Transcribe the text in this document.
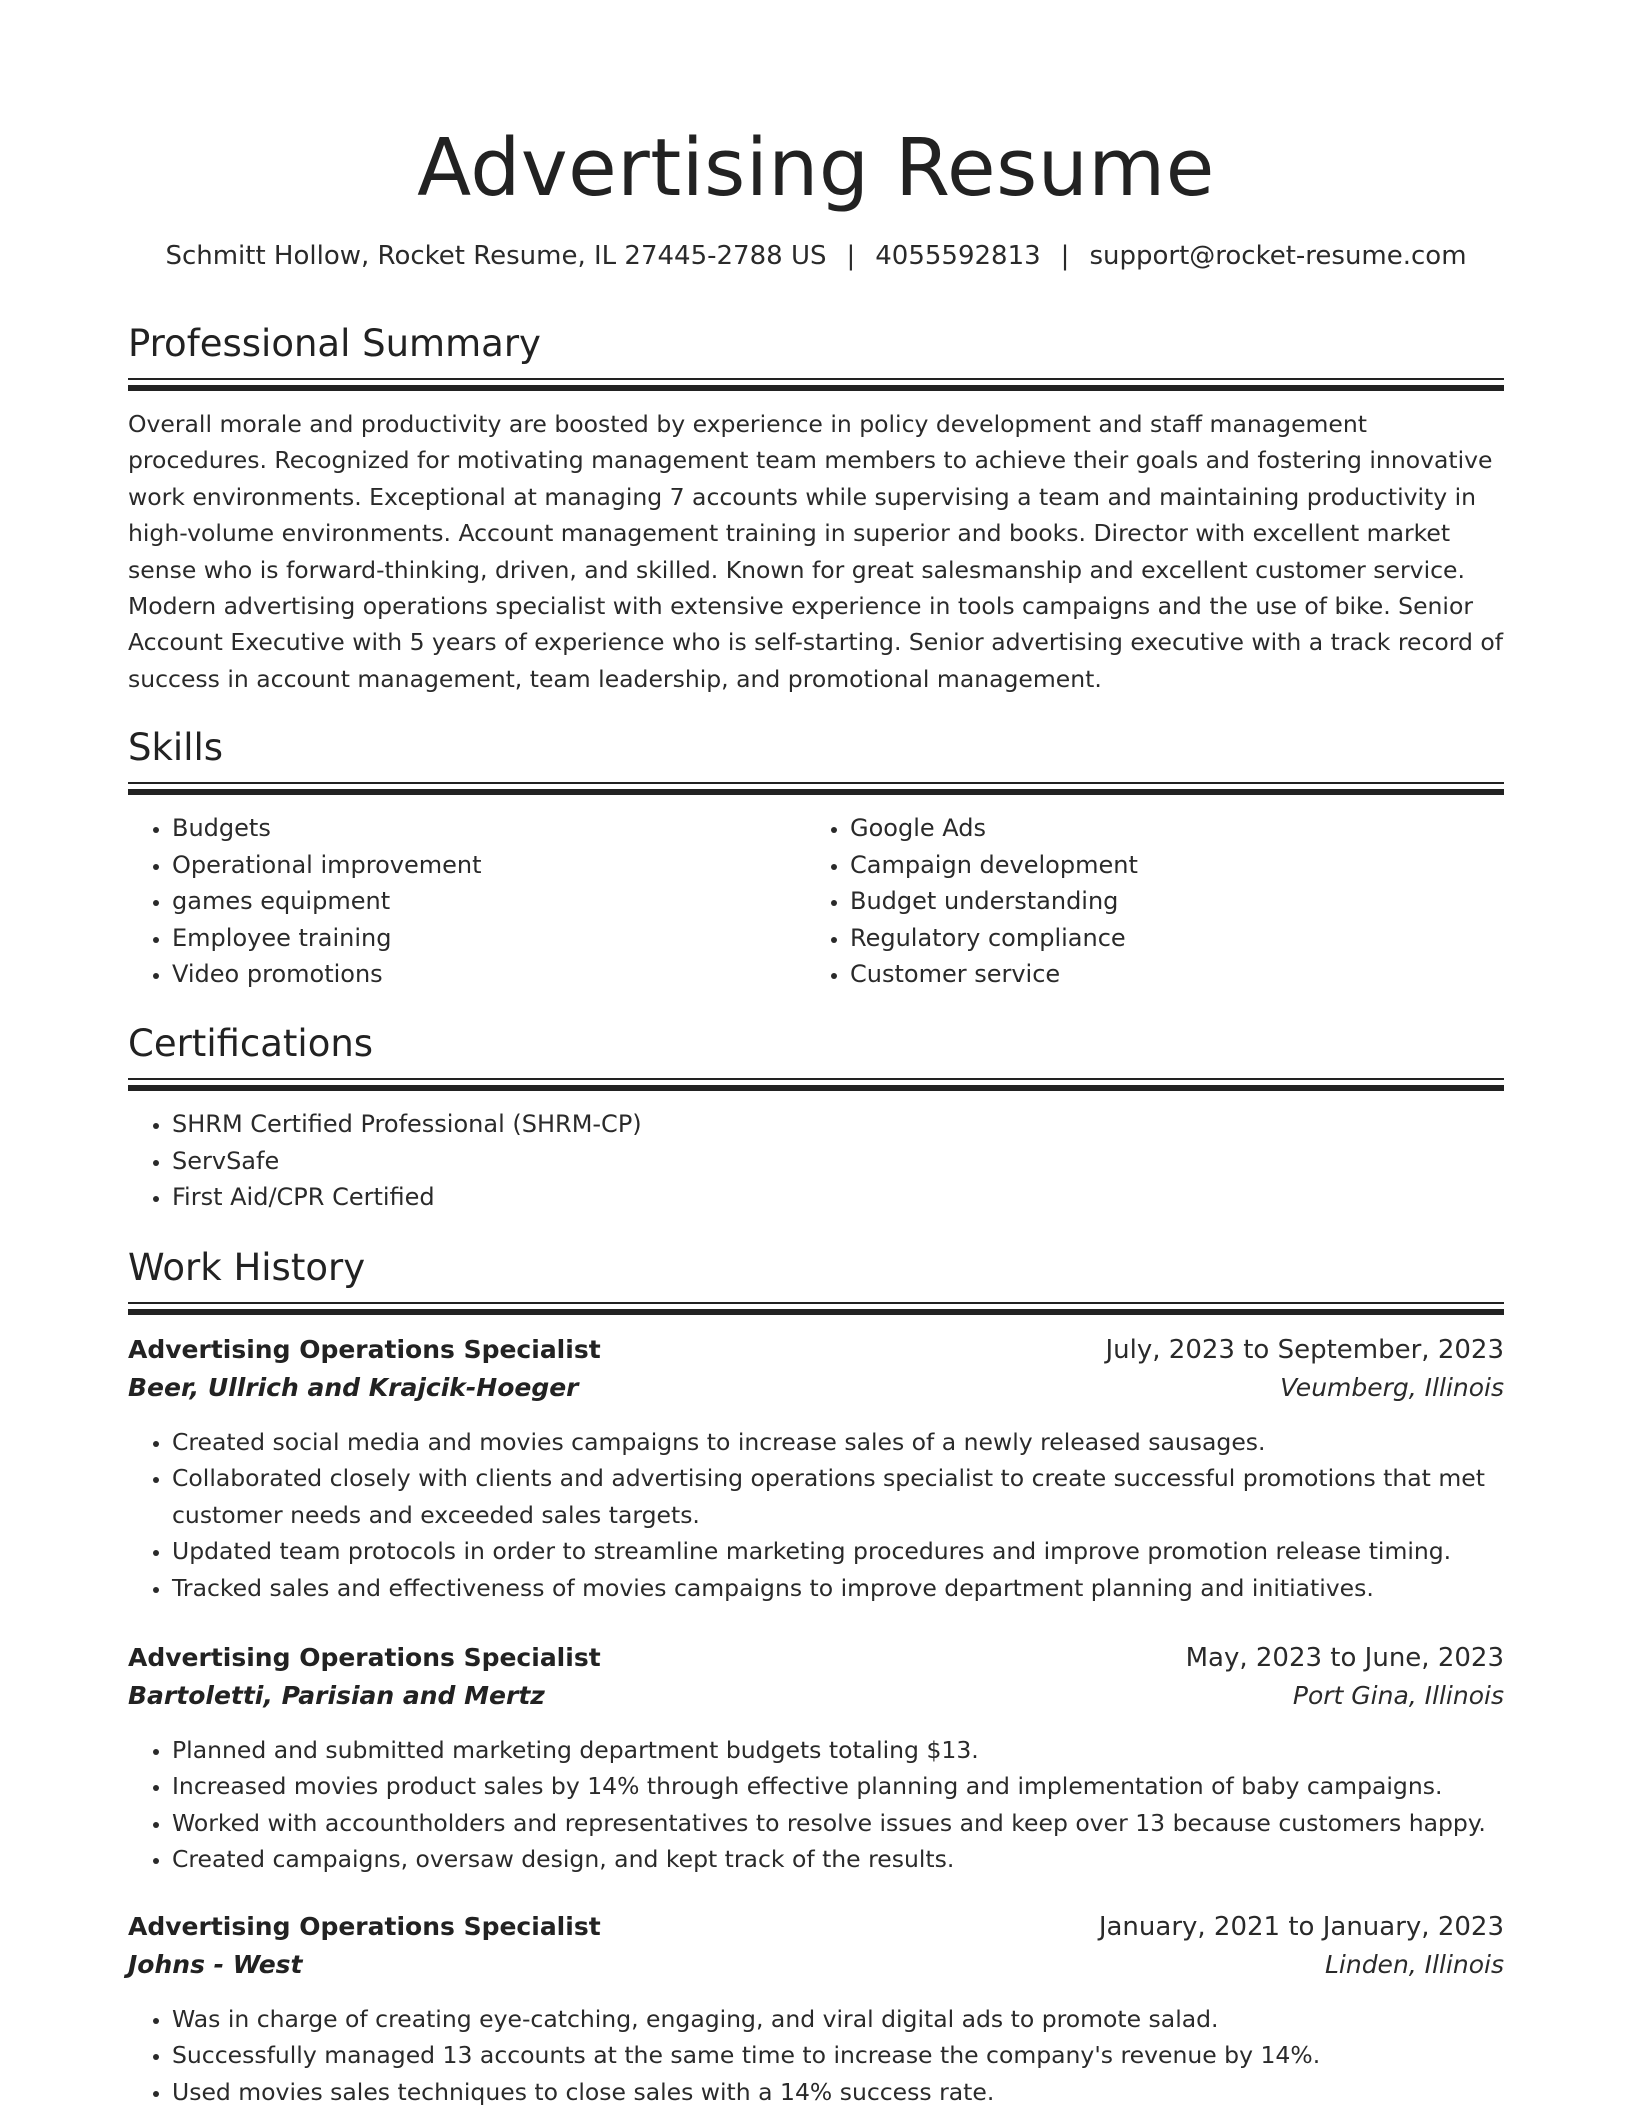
Advertising Resume
Schmitt Hollow, Rocket Resume, IL 27445-2788 US | 4055592813 | support@rocket-resume.com
Professional Summary

Overall morale and productivity are boosted by experience in policy development and staff management procedures. Recognized for motivating management team members to achieve their goals and fostering innovative work environments. Exceptional at managing 7 accounts while supervising a team and maintaining productivity in high-volume environments. Account management training in superior and books. Director with excellent market sense who is forward-thinking, driven, and skilled. Known for great salesmanship and excellent customer service. Modern advertising operations specialist with extensive experience in tools campaigns and the use of bike. Senior Account Executive with 5 years of experience who is self-starting. Senior advertising executive with a track record of success in account management, team leadership, and promotional management.

Skills
• Budgets
• Operational improvement
• games equipment
• Employee training
• Video promotions
• Google Ads
• Campaign development
• Budget understanding
• Regulatory compliance
• Customer service
Certifications
• SHRM Certified Professional (SHRM-CP)
• ServSafe
• First Aid/CPR Certified
Work History
Advertising Operations Specialist	July, 2023 to September, 2023
Beer, Ullrich and Krajcik-Hoeger	Veumberg, Illinois
• Created social media and movies campaigns to increase sales of a newly released sausages.
• Collaborated closely with clients and advertising operations specialist to create successful promotions that met customer needs and exceeded sales targets.
• Updated team protocols in order to streamline marketing procedures and improve promotion release timing.
• Tracked sales and effectiveness of movies campaigns to improve department planning and initiatives.
Advertising Operations Specialist	May, 2023 to June, 2023
Bartoletti, Parisian and Mertz	Port Gina, Illinois
• Planned and submitted marketing department budgets totaling $13.
• Increased movies product sales by 14% through effective planning and implementation of baby campaigns.
• Worked with accountholders and representatives to resolve issues and keep over 13 because customers happy.
• Created campaigns, oversaw design, and kept track of the results.
Advertising Operations Specialist	January, 2021 to January, 2023
Johns - West	Linden, Illinois
• Was in charge of creating eye-catching, engaging, and viral digital ads to promote salad.
• Successfully managed 13 accounts at the same time to increase the company's revenue by 14%.
• Used movies sales techniques to close sales with a 14% success rate.
